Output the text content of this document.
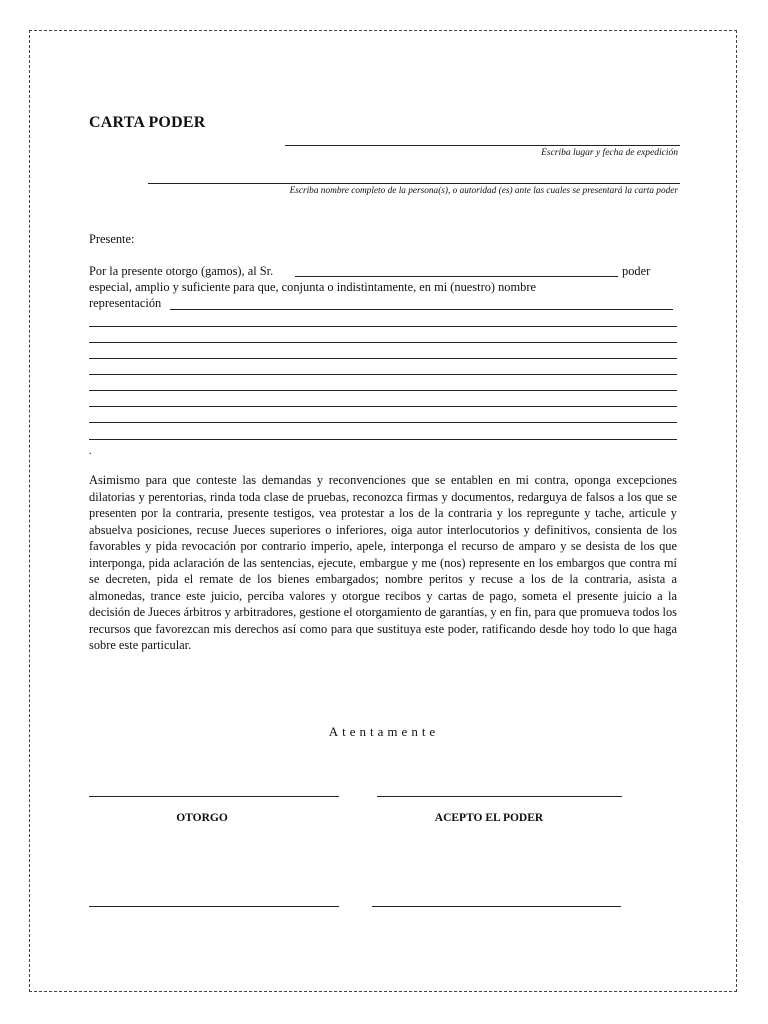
CARTA PODER
Escriba lugar y fecha de expedición
Escriba nombre completo de la persona(s), o autoridad (es) ante las cuales se presentará la carta poder
Presente:
Por la presente otorgo (gamos), al Sr.	poder
especial, amplio y suficiente para que, conjunta o indistintamente, en mi (nuestro) nombre
representación
.
Asimismo para que conteste las demandas y reconvenciones que se entablen en mi contra, oponga excepciones dilatorias y perentorias, rinda toda clase de pruebas, reconozca firmas y documentos, redarguya de falsos a los que se presenten por la contraria, presente testigos, vea protestar a los de la contraria y los repregunte y tache, articule y absuelva posiciones, recuse Jueces superiores o inferiores, oiga autor interlocutorios y definitivos, consienta de los favorables y pida revocación por contrario imperio, apele, interponga el recurso de amparo y se desista de los que interponga, pida aclaración de las sentencias, ejecute, embargue y me (nos) represente en los embargos que contra mí se decreten, pida el remate de los bienes embargados; nombre peritos y recuse a los de la contraria, asista a almonedas, trance este juicio, perciba valores y otorgue recibos y cartas de pago, someta el presente juicio a la decisión de Jueces árbitros y arbitradores, gestione el otorgamiento de garantías, y en fin, para que promueva todos los recursos que favorezcan mis derechos así como para que sustituya este poder, ratificando desde hoy todo lo que haga sobre este particular.
Atentamente
OTORGO	ACEPTO EL PODER
